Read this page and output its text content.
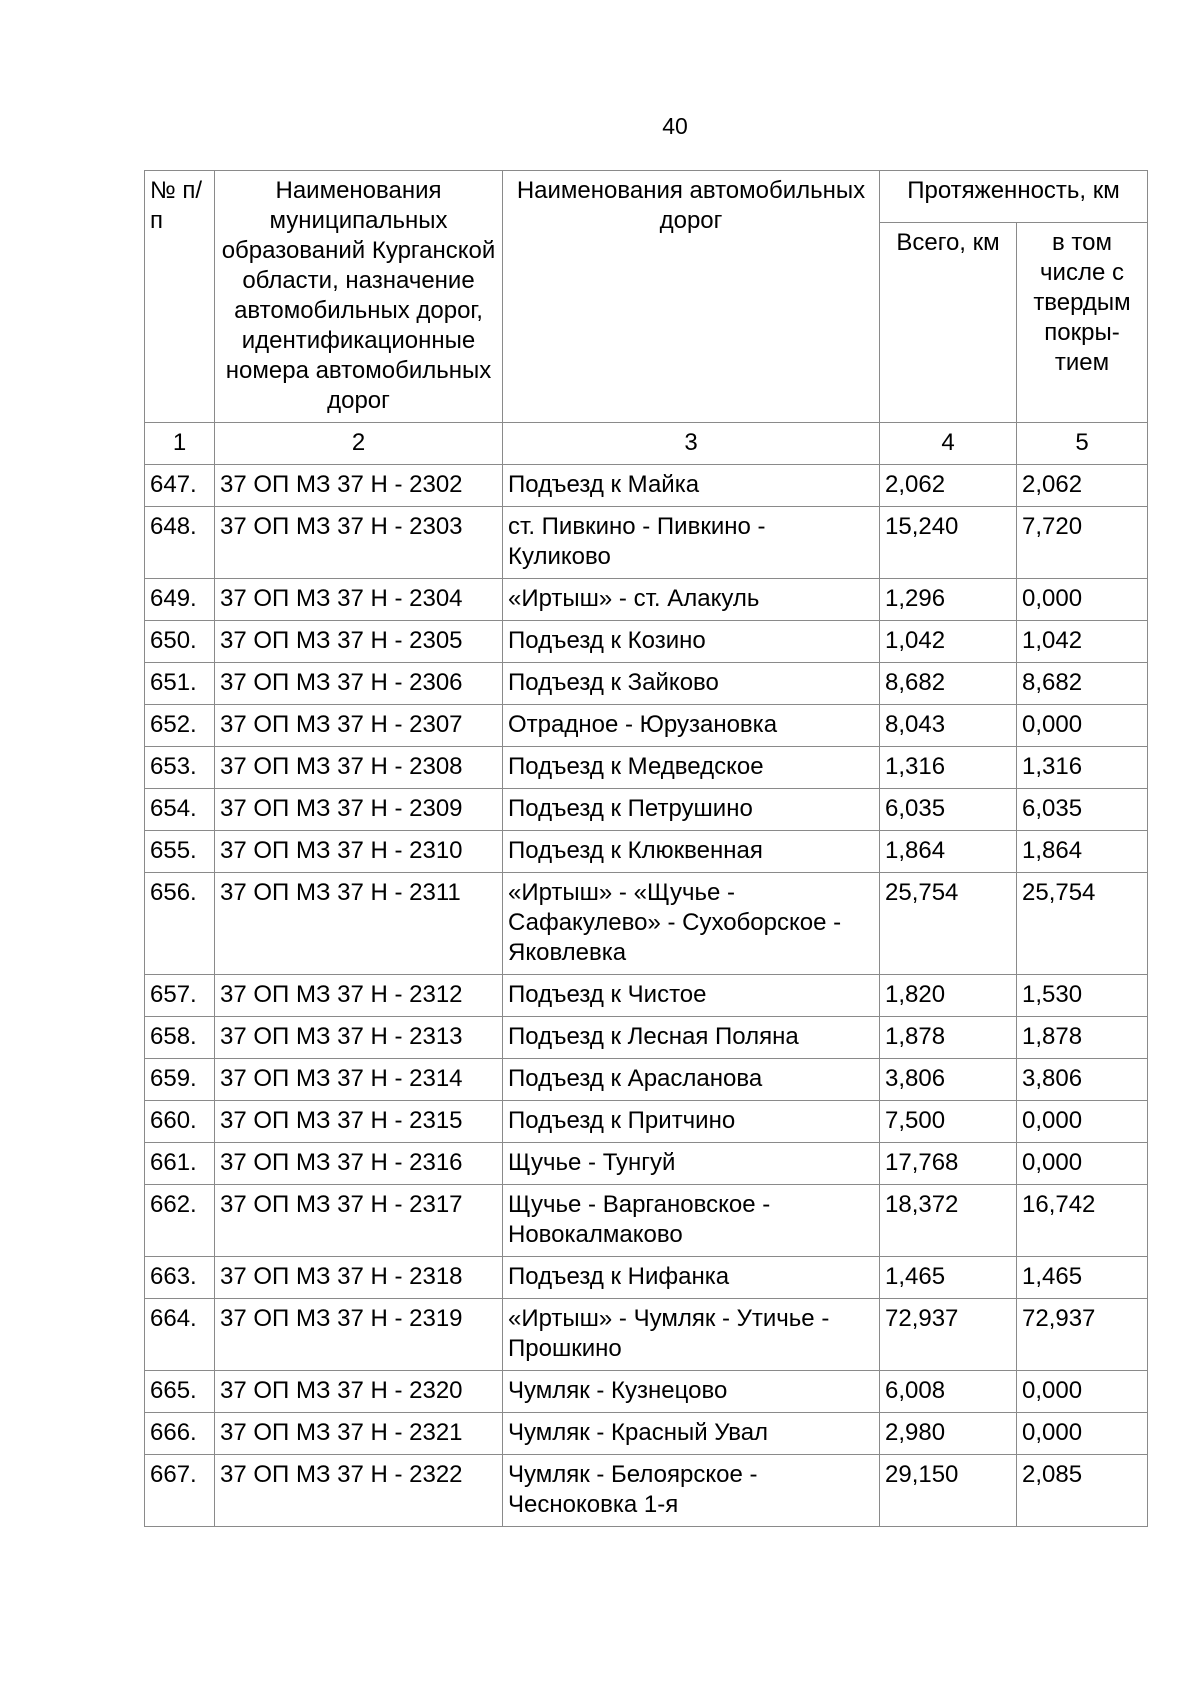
40
№ п/п	Наименования муниципальных образований Курганской области, назначение автомобильных дорог, идентификационные номера автомобильных дорог	Наименования автомобильных дорог	Протяженность, км	
			Всего, км	в том числе с твердым покры-тием
1	2	3	4	5
647.	37 ОП МЗ 37 Н - 2302	Подъезд к Майка	2,062	2,062
648.	37 ОП МЗ 37 Н - 2303	ст. Пивкино - Пивкино - Куликово	15,240	7,720
649.	37 ОП МЗ 37 Н - 2304	«Иртыш» - ст. Алакуль	1,296	0,000
650.	37 ОП МЗ 37 Н - 2305	Подъезд к Козино	1,042	1,042
651.	37 ОП МЗ 37 Н - 2306	Подъезд к Зайково	8,682	8,682
652.	37 ОП МЗ 37 Н - 2307	Отрадное - Юрузановка	8,043	0,000
653.	37 ОП МЗ 37 Н - 2308	Подъезд к Медведское	1,316	1,316
654.	37 ОП МЗ 37 Н - 2309	Подъезд к Петрушино	6,035	6,035
655.	37 ОП МЗ 37 Н - 2310	Подъезд к Клюквенная	1,864	1,864
656.	37 ОП МЗ 37 Н - 2311	«Иртыш» - «Щучье - Сафакулево» - Сухоборское - Яковлевка	25,754	25,754
657.	37 ОП МЗ 37 Н - 2312	Подъезд к Чистое	1,820	1,530
658.	37 ОП МЗ 37 Н - 2313	Подъезд к Лесная Поляна	1,878	1,878
659.	37 ОП МЗ 37 Н - 2314	Подъезд к Арасланова	3,806	3,806
660.	37 ОП МЗ 37 Н - 2315	Подъезд к Притчино	7,500	0,000
661.	37 ОП МЗ 37 Н - 2316	Щучье - Тунгуй	17,768	0,000
662.	37 ОП МЗ 37 Н - 2317	Щучье - Варгановское - Новокалмаково	18,372	16,742
663.	37 ОП МЗ 37 Н - 2318	Подъезд к Нифанка	1,465	1,465
664.	37 ОП МЗ 37 Н - 2319	«Иртыш» - Чумляк - Утичье - Прошкино	72,937	72,937
665.	37 ОП МЗ 37 Н - 2320	Чумляк - Кузнецово	6,008	0,000
666.	37 ОП МЗ 37 Н - 2321	Чумляк - Красный Увал	2,980	0,000
667.	37 ОП МЗ 37 Н - 2322	Чумляк - Белоярское - Чесноковка 1-я	29,150	2,085
